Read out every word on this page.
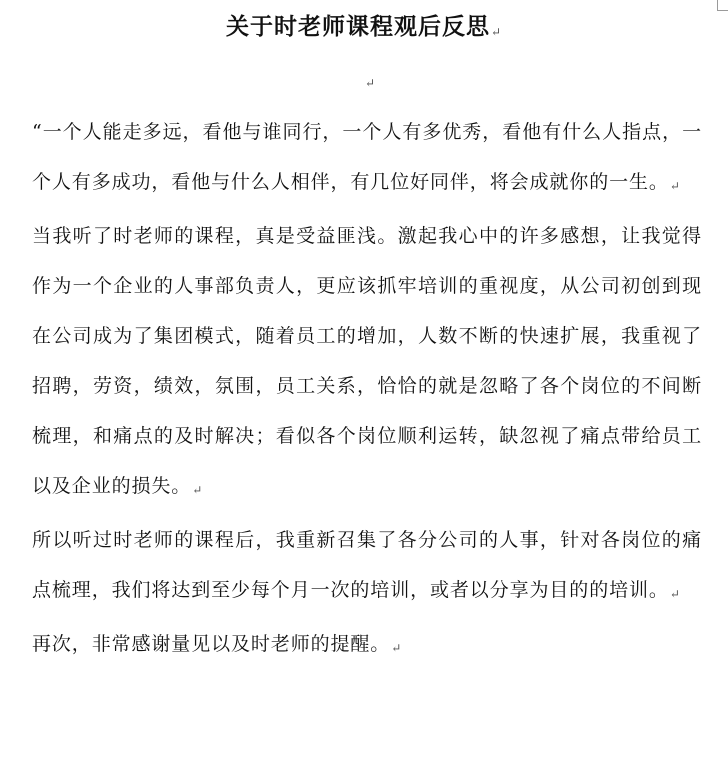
关于时老师课程观后反思↵
↵

“一个人能走多远，看他与谁同行，一个人有多优秀，看他有什么人指点，一个人有多成功，看他与什么人相伴，有几位好同伴，将会成就你的一生。↵

当我听了时老师的课程，真是受益匪浅。激起我心中的许多感想，让我觉得作为一个企业的人事部负责人，更应该抓牢培训的重视度，从公司初创到现在公司成为了集团模式，随着员工的增加，人数不断的快速扩展，我重视了招聘，劳资，绩效，氛围，员工关系，恰恰的就是忽略了各个岗位的不间断梳理，和痛点的及时解决；看似各个岗位顺利运转，缺忽视了痛点带给员工以及企业的损失。↵

所以听过时老师的课程后，我重新召集了各分公司的人事，针对各岗位的痛点梳理，我们将达到至少每个月一次的培训，或者以分享为目的的培训。↵

再次，非常感谢量见以及时老师的提醒。↵
